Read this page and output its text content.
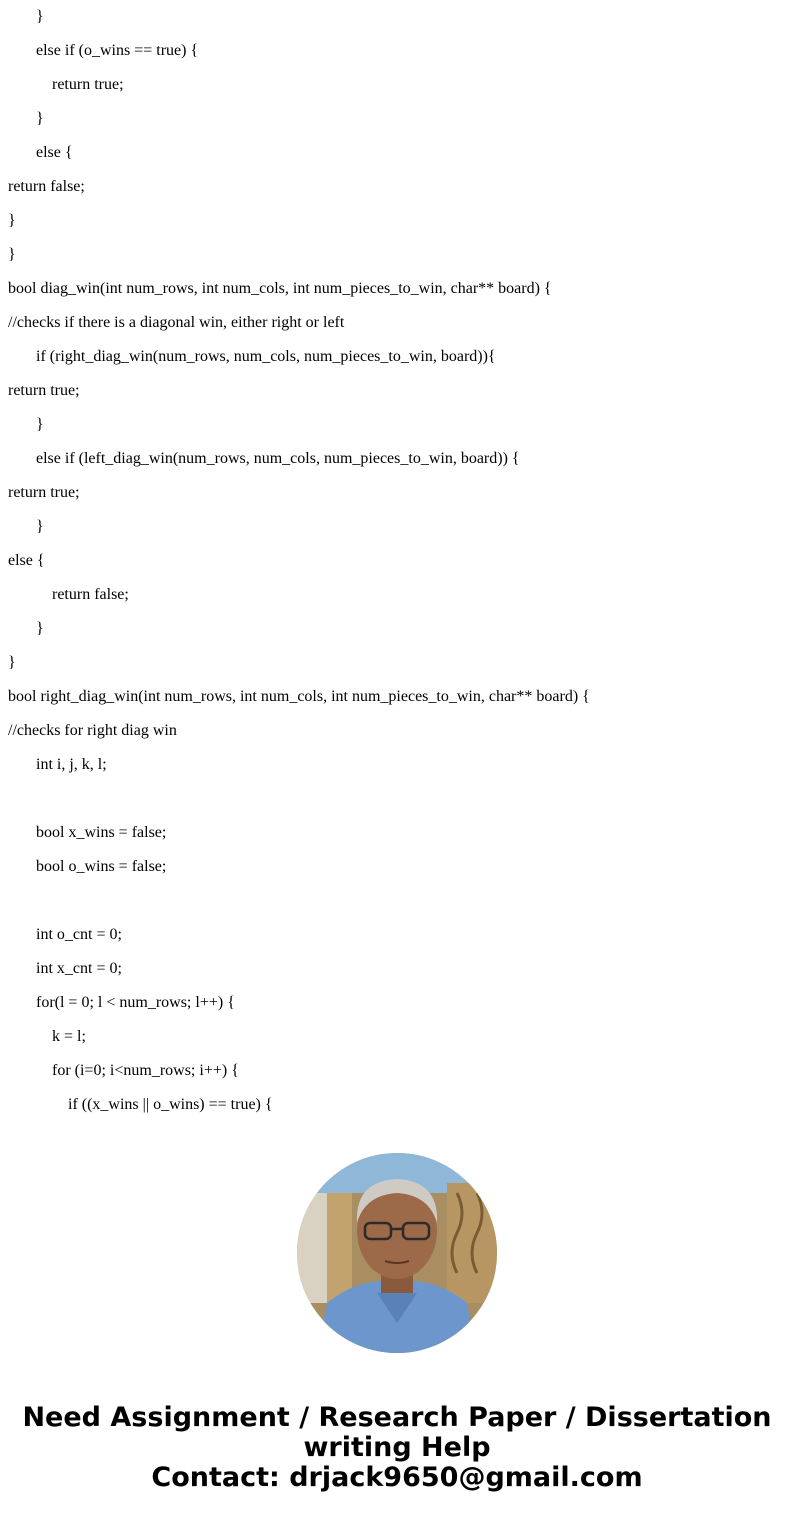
}
else if (o_wins == true) {
return true;
}
else {
return false;
}
}
bool diag_win(int num_rows, int num_cols, int num_pieces_to_win, char** board) {
//checks if there is a diagonal win, either right or left
if (right_diag_win(num_rows, num_cols, num_pieces_to_win, board)){
return true;
}
else if (left_diag_win(num_rows, num_cols, num_pieces_to_win, board)) {
return true;
}
else {
return false;
}
}
bool right_diag_win(int num_rows, int num_cols, int num_pieces_to_win, char** board) {
//checks for right diag win
int i, j, k, l;
bool x_wins = false;
bool o_wins = false;
int o_cnt = 0;
int x_cnt = 0;
for(l = 0; l < num_rows; l++) {
k = l;
for (i=0; i<num_rows; i++) {
if ((x_wins || o_wins) == true) {
Need Assignment / Research Paper / Dissertation
writing Help
Contact: drjack9650@gmail.com
